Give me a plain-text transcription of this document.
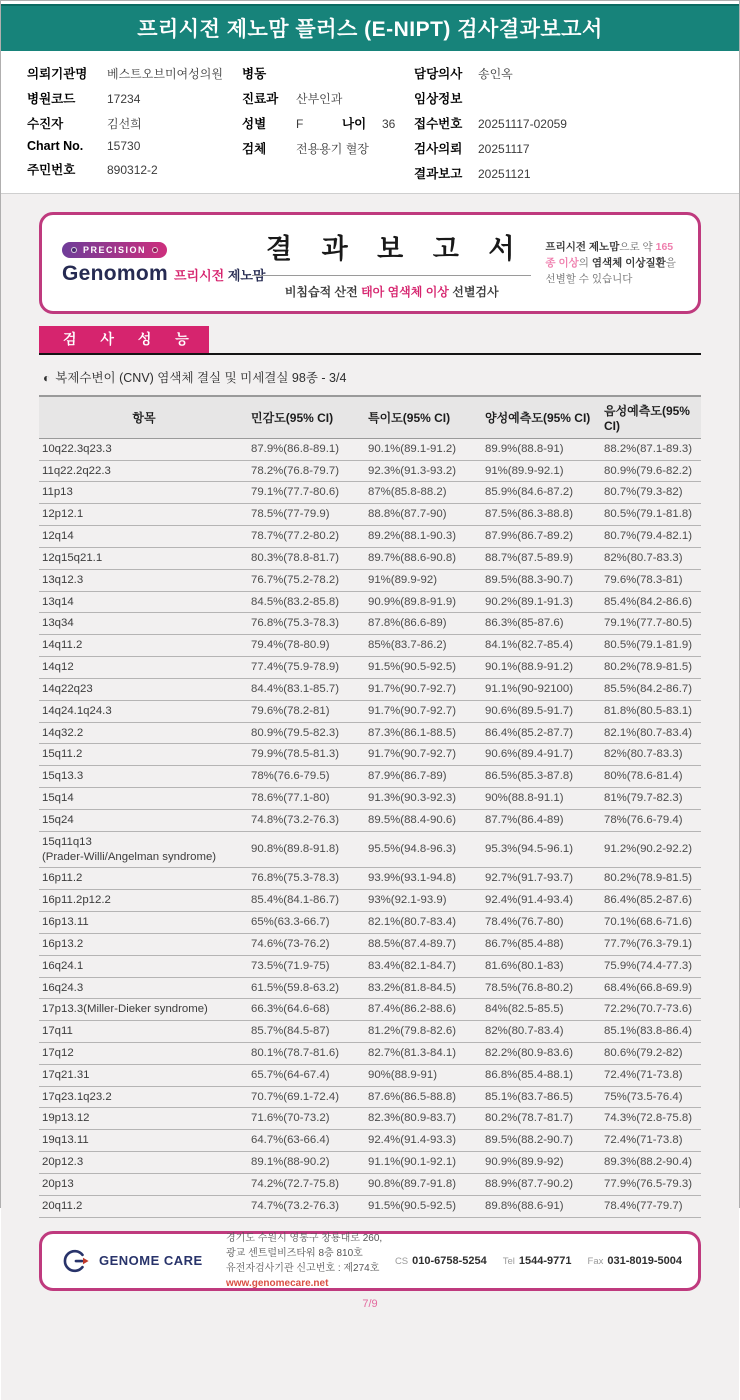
프리시전 제노맘 플러스 (E-NIPT) 검사결과보고서
의뢰기관명	베스트오브미여성의원
병원코드	17234
수진자	김선희
Chart No.	15730
주민번호	890312-2
병동
진료과	산부인과
성별	F	나이	36
검체	전용용기 혈장
담당의사	송인옥
임상정보
접수번호	20251117-02059
검사의뢰	20251117
결과보고	20251121
PRECISION
Genomom 프리시전 제노맘
결 과 보 고 서
비침습적 산전 태아 염색체 이상 선별검사
프리시전 제노맘으로 약 165종 이상의 염색체 이상질환을 선별할 수 있습니다
검 사 성 능
◐ 복제수변이 (CNV) 염색체 결실 및 미세결실 98종 - 3/4
항목	민감도(95% CI)	특이도(95% CI)	양성예측도(95% CI)	음성예측도(95% CI)
10q22.3q23.3	87.9%(86.8-89.1)	90.1%(89.1-91.2)	89.9%(88.8-91)	88.2%(87.1-89.3)
11q22.2q22.3	78.2%(76.8-79.7)	92.3%(91.3-93.2)	91%(89.9-92.1)	80.9%(79.6-82.2)
11p13	79.1%(77.7-80.6)	87%(85.8-88.2)	85.9%(84.6-87.2)	80.7%(79.3-82)
12p12.1	78.5%(77-79.9)	88.8%(87.7-90)	87.5%(86.3-88.8)	80.5%(79.1-81.8)
12q14	78.7%(77.2-80.2)	89.2%(88.1-90.3)	87.9%(86.7-89.2)	80.7%(79.4-82.1)
12q15q21.1	80.3%(78.8-81.7)	89.7%(88.6-90.8)	88.7%(87.5-89.9)	82%(80.7-83.3)
13q12.3	76.7%(75.2-78.2)	91%(89.9-92)	89.5%(88.3-90.7)	79.6%(78.3-81)
13q14	84.5%(83.2-85.8)	90.9%(89.8-91.9)	90.2%(89.1-91.3)	85.4%(84.2-86.6)
13q34	76.8%(75.3-78.3)	87.8%(86.6-89)	86.3%(85-87.6)	79.1%(77.7-80.5)
14q11.2	79.4%(78-80.9)	85%(83.7-86.2)	84.1%(82.7-85.4)	80.5%(79.1-81.9)
14q12	77.4%(75.9-78.9)	91.5%(90.5-92.5)	90.1%(88.9-91.2)	80.2%(78.9-81.5)
14q22q23	84.4%(83.1-85.7)	91.7%(90.7-92.7)	91.1%(90-92100)	85.5%(84.2-86.7)
14q24.1q24.3	79.6%(78.2-81)	91.7%(90.7-92.7)	90.6%(89.5-91.7)	81.8%(80.5-83.1)
14q32.2	80.9%(79.5-82.3)	87.3%(86.1-88.5)	86.4%(85.2-87.7)	82.1%(80.7-83.4)
15q11.2	79.9%(78.5-81.3)	91.7%(90.7-92.7)	90.6%(89.4-91.7)	82%(80.7-83.3)
15q13.3	78%(76.6-79.5)	87.9%(86.7-89)	86.5%(85.3-87.8)	80%(78.6-81.4)
15q14	78.6%(77.1-80)	91.3%(90.3-92.3)	90%(88.8-91.1)	81%(79.7-82.3)
15q24	74.8%(73.2-76.3)	89.5%(88.4-90.6)	87.7%(86.4-89)	78%(76.6-79.4)
15q11q13
(Prader-Willi/Angelman syndrome)	90.8%(89.8-91.8)	95.5%(94.8-96.3)	95.3%(94.5-96.1)	91.2%(90.2-92.2)
16p11.2	76.8%(75.3-78.3)	93.9%(93.1-94.8)	92.7%(91.7-93.7)	80.2%(78.9-81.5)
16p11.2p12.2	85.4%(84.1-86.7)	93%(92.1-93.9)	92.4%(91.4-93.4)	86.4%(85.2-87.6)
16p13.11	65%(63.3-66.7)	82.1%(80.7-83.4)	78.4%(76.7-80)	70.1%(68.6-71.6)
16p13.2	74.6%(73-76.2)	88.5%(87.4-89.7)	86.7%(85.4-88)	77.7%(76.3-79.1)
16q24.1	73.5%(71.9-75)	83.4%(82.1-84.7)	81.6%(80.1-83)	75.9%(74.4-77.3)
16q24.3	61.5%(59.8-63.2)	83.2%(81.8-84.5)	78.5%(76.8-80.2)	68.4%(66.8-69.9)
17p13.3(Miller-Dieker syndrome)	66.3%(64.6-68)	87.4%(86.2-88.6)	84%(82.5-85.5)	72.2%(70.7-73.6)
17q11	85.7%(84.5-87)	81.2%(79.8-82.6)	82%(80.7-83.4)	85.1%(83.8-86.4)
17q12	80.1%(78.7-81.6)	82.7%(81.3-84.1)	82.2%(80.9-83.6)	80.6%(79.2-82)
17q21.31	65.7%(64-67.4)	90%(88.9-91)	86.8%(85.4-88.1)	72.4%(71-73.8)
17q23.1q23.2	70.7%(69.1-72.4)	87.6%(86.5-88.8)	85.1%(83.7-86.5)	75%(73.5-76.4)
19p13.12	71.6%(70-73.2)	82.3%(80.9-83.7)	80.2%(78.7-81.7)	74.3%(72.8-75.8)
19q13.11	64.7%(63-66.4)	92.4%(91.4-93.3)	89.5%(88.2-90.7)	72.4%(71-73.8)
20p12.3	89.1%(88-90.2)	91.1%(90.1-92.1)	90.9%(89.9-92)	89.3%(88.2-90.4)
20p13	74.2%(72.7-75.8)	90.8%(89.7-91.8)	88.9%(87.7-90.2)	77.9%(76.5-79.3)
20q11.2	74.7%(73.2-76.3)	91.5%(90.5-92.5)	89.8%(88.6-91)	78.4%(77-79.7)
GENOME CARE
경기도 수원시 영통구 창룡대로 260, 광교 센트럴비즈타워 8층 810호
유전자검사기관 신고번호 : 제274호
www.genomecare.net
CS 010-6758-5254 Tel 1544-9771 Fax 031-8019-5004
7/9
